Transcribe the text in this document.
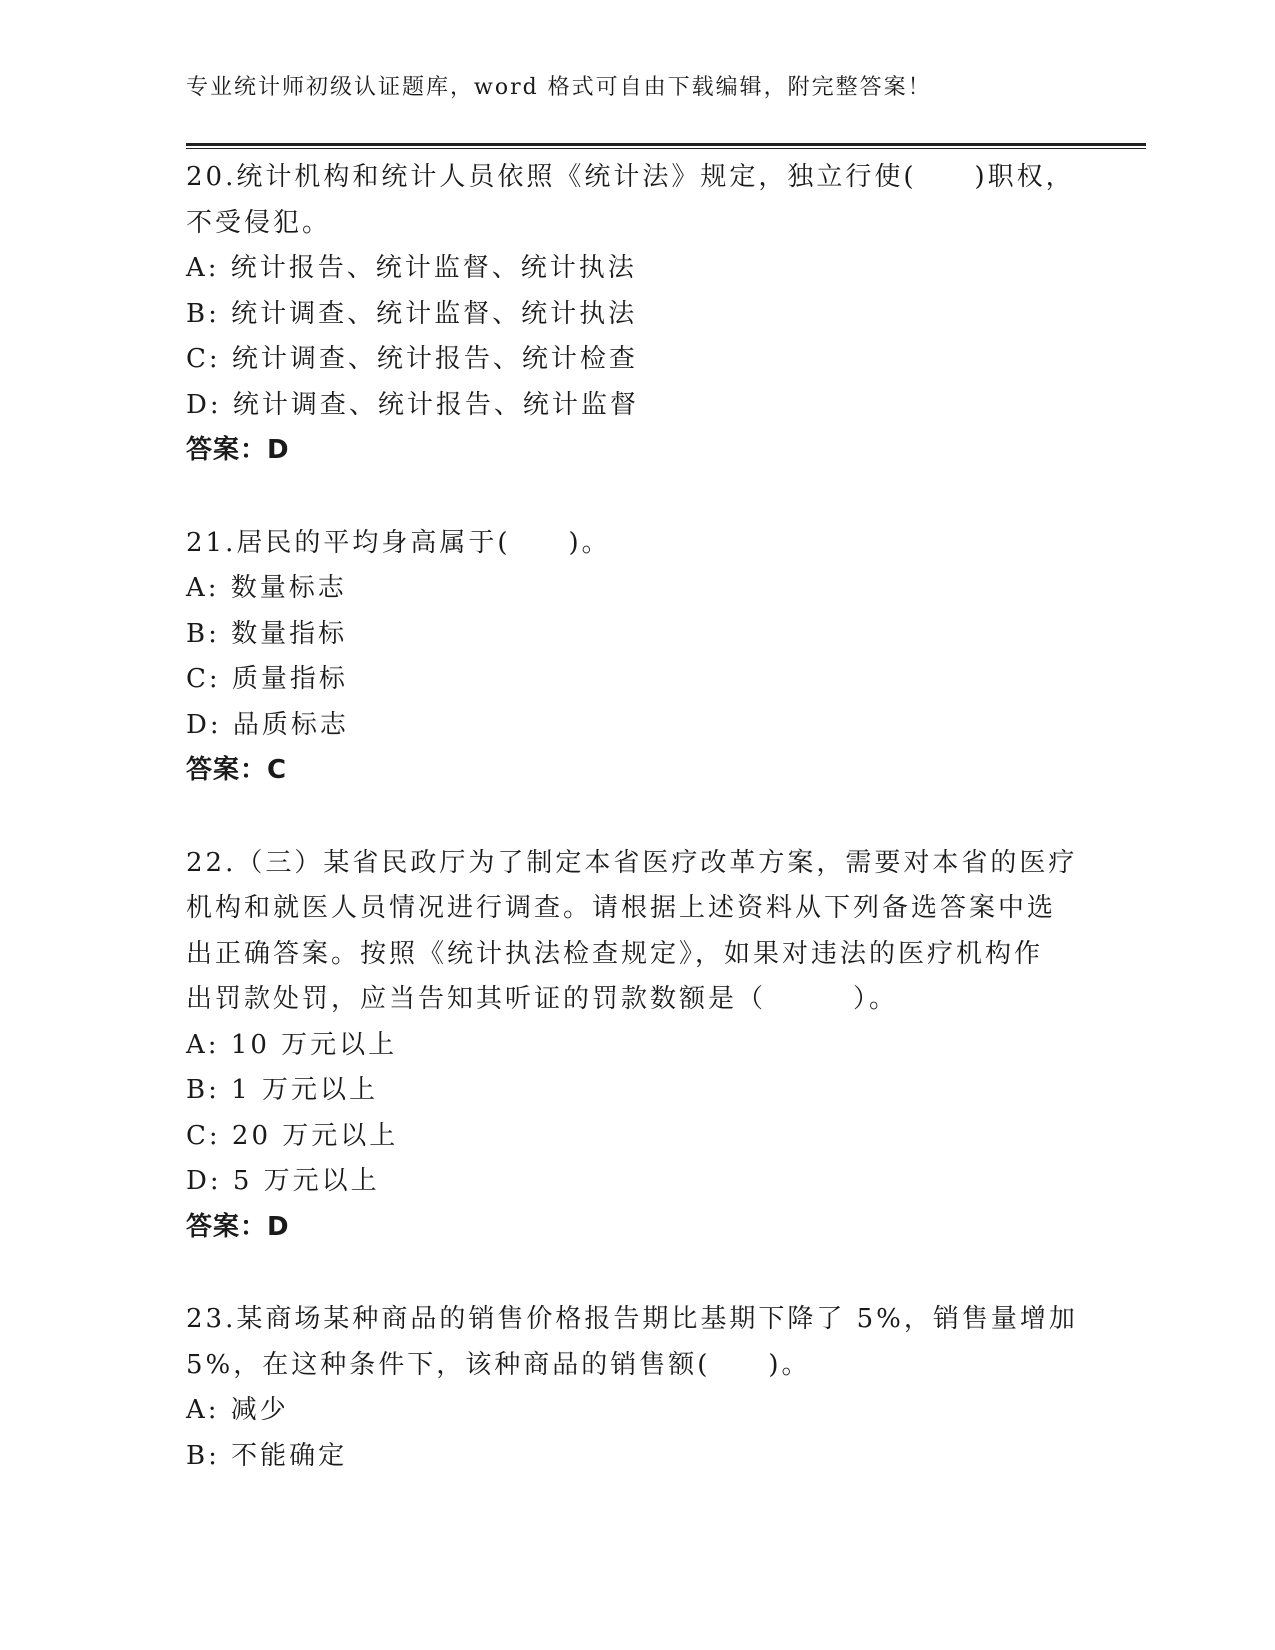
专业统计师初级认证题库，word 格式可自由下载编辑，附完整答案！
20.统计机构和统计人员依照《统计法》规定，独立行使(　　)职权，
不受侵犯。
A: 统计报告、统计监督、统计执法
B: 统计调查、统计监督、统计执法
C: 统计调查、统计报告、统计检查
D: 统计调查、统计报告、统计监督
答案：D
21.居民的平均身高属于(　　)。
A: 数量标志
B: 数量指标
C: 质量指标
D: 品质标志
答案：C
22.（三）某省民政厅为了制定本省医疗改革方案，需要对本省的医疗
机构和就医人员情况进行调查。请根据上述资料从下列备选答案中选
出正确答案。按照《统计执法检查规定》，如果对违法的医疗机构作
出罚款处罚，应当告知其听证的罚款数额是（　　　）。
A: 10 万元以上
B: 1 万元以上
C: 20 万元以上
D: 5 万元以上
答案：D
23.某商场某种商品的销售价格报告期比基期下降了 5%，销售量增加
5%，在这种条件下，该种商品的销售额(　　)。
A: 减少
B: 不能确定
